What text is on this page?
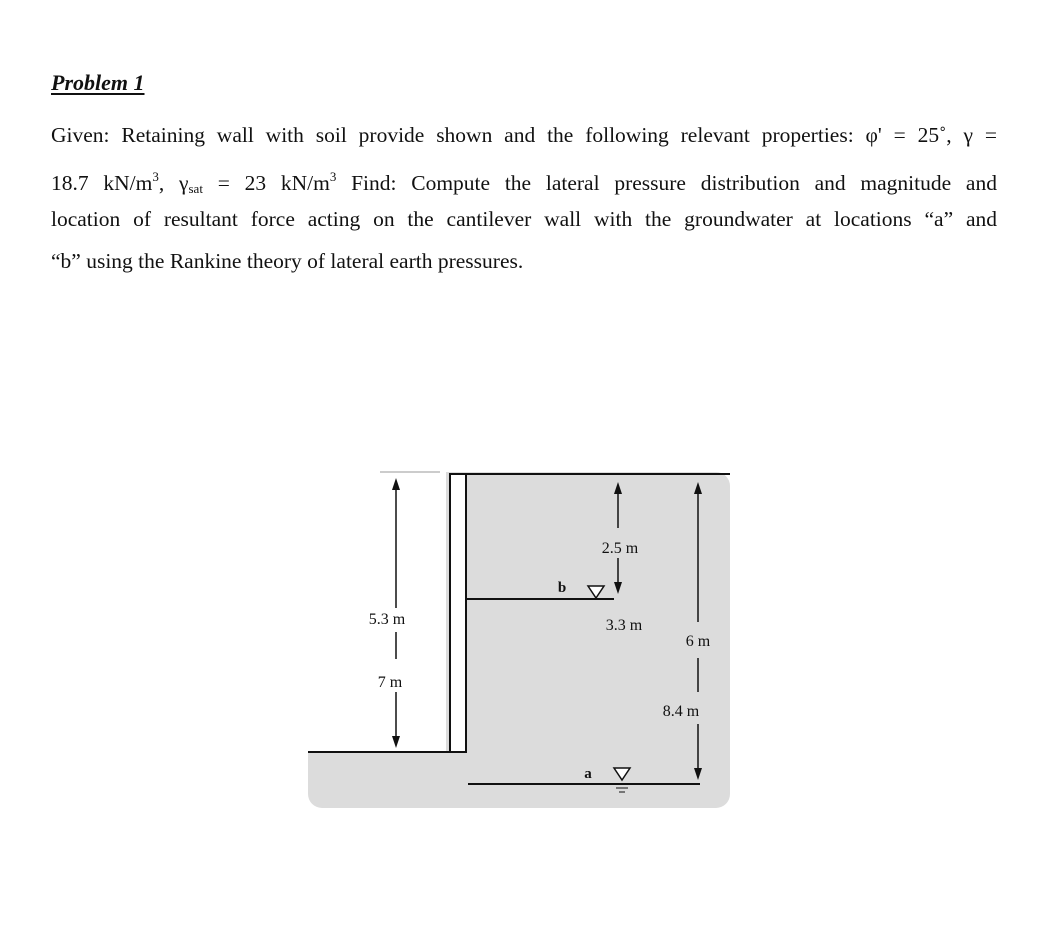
Problem 1
Given: Retaining wall with soil provide shown and the following relevant properties: φ' = 25˚, γ =
18.7 $kN/m^3$, $\gamma_{sat} = 23$ $kN/m^3$ Find: Compute the lateral pressure distribution and magnitude and
location of resultant force acting on the cantilever wall with the groundwater at locations “a” and
“b” using the Rankine theory of lateral earth pressures.
5.3 m
7 m
2.5 m
b
3.3 m
6 m
8.4 m
a
